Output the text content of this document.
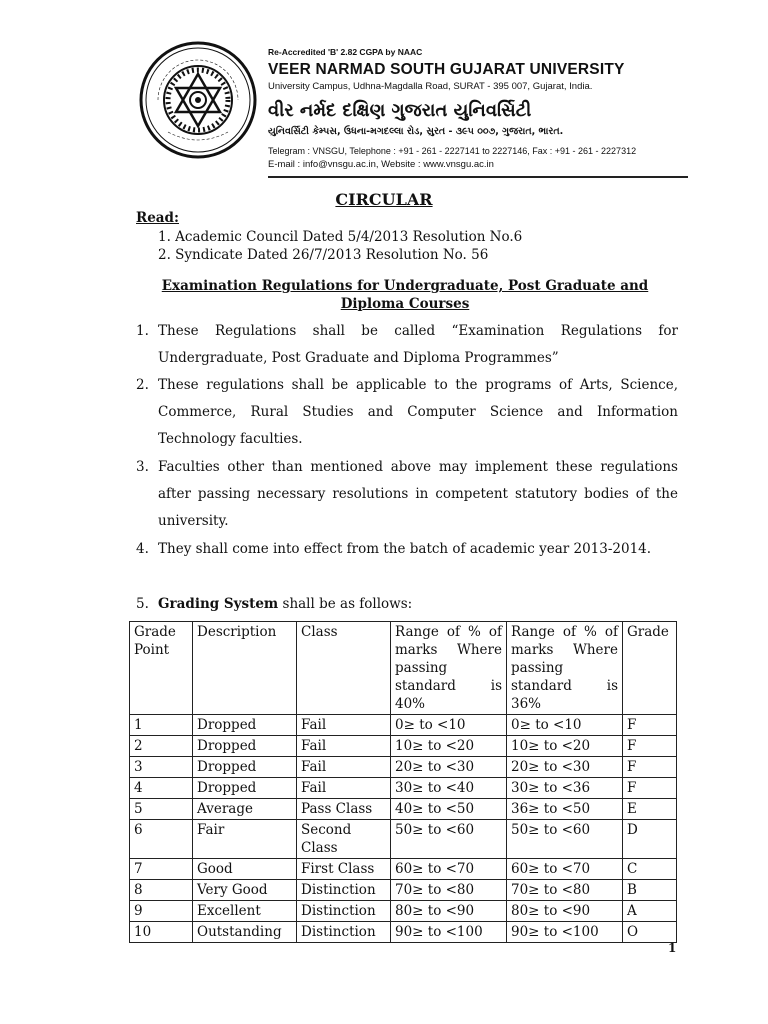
Re-Accredited 'B' 2.82 CGPA by NAAC
VEER NARMAD SOUTH GUJARAT UNIVERSITY
University Campus, Udhna-Magdalla Road, SURAT - 395 007, Gujarat, India.
વીર નર્મદ દક્ષિણ ગુજરાત યુનિવર્સિટી
યુનિવર્સિટી કેમ્પસ, ઉધના-મગદલ્લા રોડ, સુરત - ૩૯૫ ૦૦૭, ગુજરાત, ભારત.
Telegram : VNSGU, Telephone : +91 - 261 - 2227141 to 2227146, Fax : +91 - 261 - 2227312
E-mail : info@vnsgu.ac.in, Website : www.vnsgu.ac.in
CIRCULAR
Read:
1. Academic Council Dated 5/4/2013 Resolution No.6
2. Syndicate Dated 26/7/2013 Resolution No. 56
Examination Regulations for Undergraduate, Post Graduate and Diploma Courses
1. These Regulations shall be called “Examination Regulations for Undergraduate, Post Graduate and Diploma Programmes”
2. These regulations shall be applicable to the programs of Arts, Science, Commerce, Rural Studies and Computer Science and Information Technology faculties.
3. Faculties other than mentioned above may implement these regulations after passing necessary resolutions in competent statutory bodies of the university.
4. They shall come into effect from the batch of academic year 2013-2014.
5. Grading System shall be as follows:
Grade Point	Description	Class	Range of % of marks Where passing standard is 40%	Range of % of marks Where passing standard is 36%	Grade
1	Dropped	Fail	0≥ to <10	0≥ to <10	F
2	Dropped	Fail	10≥ to <20	10≥ to <20	F
3	Dropped	Fail	20≥ to <30	20≥ to <30	F
4	Dropped	Fail	30≥ to <40	30≥ to <36	F
5	Average	Pass Class	40≥ to <50	36≥ to <50	E
6	Fair	Second Class	50≥ to <60	50≥ to <60	D
7	Good	First Class	60≥ to <70	60≥ to <70	C
8	Very Good	Distinction	70≥ to <80	70≥ to <80	B
9	Excellent	Distinction	80≥ to <90	80≥ to <90	A
10	Outstanding	Distinction	90≥ to <100	90≥ to <100	O
1
